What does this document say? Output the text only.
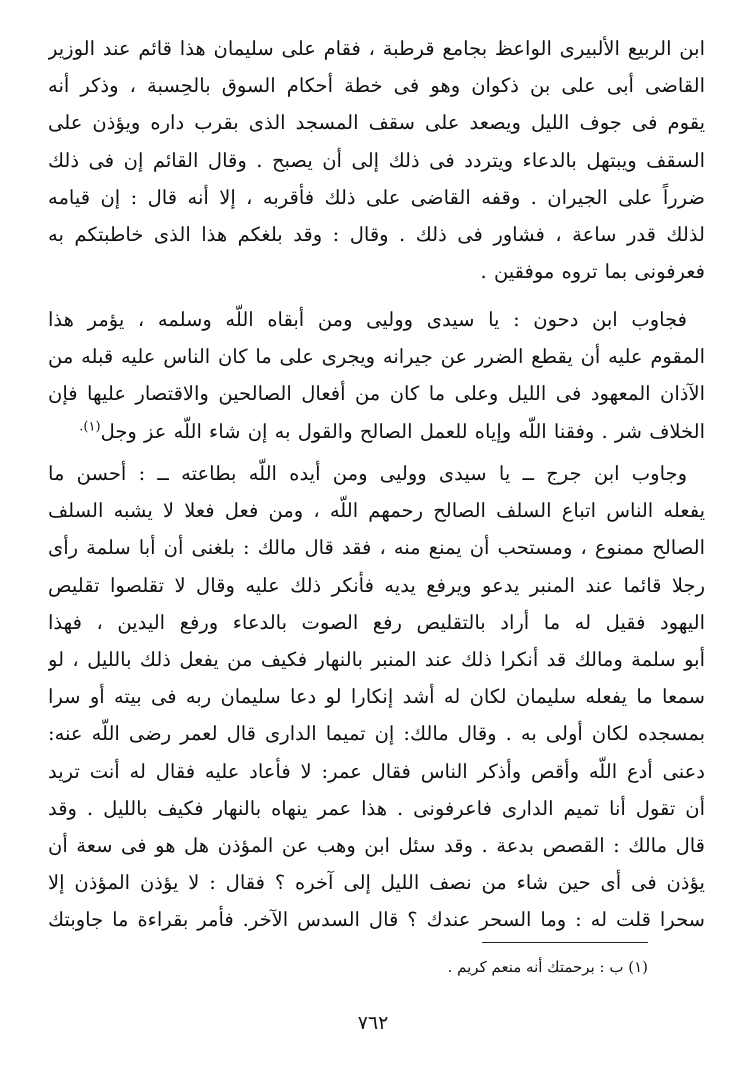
ابن الربيع الألبيرى الواعظ بجامع قرطبة ، فقام على سليمان هذا قائم عند الوزير
القاضى أبى على بن ذكوان وهو فى خطة أحكام السوق بالحِسبة ، وذكر أنه
يقوم فى جوف الليل ويصعد على سقف المسجد الذى بقرب داره ويؤذن على
السقف ويبتهل بالدعاء ويتردد فى ذلك إلى أن يصبح . وقال القائم إن فى ذلك
ضرراً على الجيران . وقفه القاضى على ذلك فأقربه ، إلا أنه قال : إن قيامه
لذلك قدر ساعة ، فشاور فى ذلك . وقال : وقد بلغكم هذا الذى خاطبتكم به
فعرفونى بما تروه موفقين .
فجاوب ابن دحون : يا سيدى ووليى ومن أبقاه اللّه وسلمه ، يؤمر هذا
المقوم عليه أن يقطع الضرر عن جيرانه ويجرى على ما كان الناس عليه قبله من
الآذان المعهود فى الليل وعلى ما كان من أفعال الصالحين والاقتصار عليها فإن
الخلاف شر . وفقنا اللّه وإياه للعمل الصالح والقول به إن شاء اللّه عز وجل$^{(١).}$
وجاوب ابن جرج ــ يا سيدى ووليى ومن أيده اللّه بطاعته ــ : أحسن ما
يفعله الناس اتباع السلف الصالح رحمهم اللّه ، ومن فعل فعلا لا يشبه السلف
الصالح ممنوع ، ومستحب أن يمنع منه ، فقد قال مالك : بلغنى أن أبا سلمة رأى
رجلا قائما عند المنبر يدعو ويرفع يديه فأنكر ذلك عليه وقال لا تقلصوا تقليص
اليهود فقيل له ما أراد بالتقليص رفع الصوت بالدعاء ورفع اليدين ، فهذا
أبو سلمة ومالك قد أنكرا ذلك عند المنبر بالنهار فكيف من يفعل ذلك بالليل ، لو
سمعا ما يفعله سليمان لكان له أشد إنكارا لو دعا سليمان ربه فى بيته أو سرا
بمسجده لكان أولى به . وقال مالك: إن تميما الدارى قال لعمر رضى اللّه عنه:
دعنى أدع اللّه وأقص وأذكر الناس فقال عمر: لا فأعاد عليه فقال له أنت تريد
أن تقول أنا تميم الدارى فاعرفونى . هذا عمر ينهاه بالنهار فكيف بالليل . وقد
قال مالك : القصص بدعة . وقد سئل ابن وهب عن المؤذن هل هو فى سعة أن
يؤذن فى أى حين شاء من نصف الليل إلى آخره ؟ فقال : لا يؤذن المؤذن إلا
سحرا قلت له : وما السحر عندك ؟ قال السدس الآخر. فأمر بقراءة ما جاوبتك
(١) ب : برحمتك أنه منعم كريم .
٧٦٢
